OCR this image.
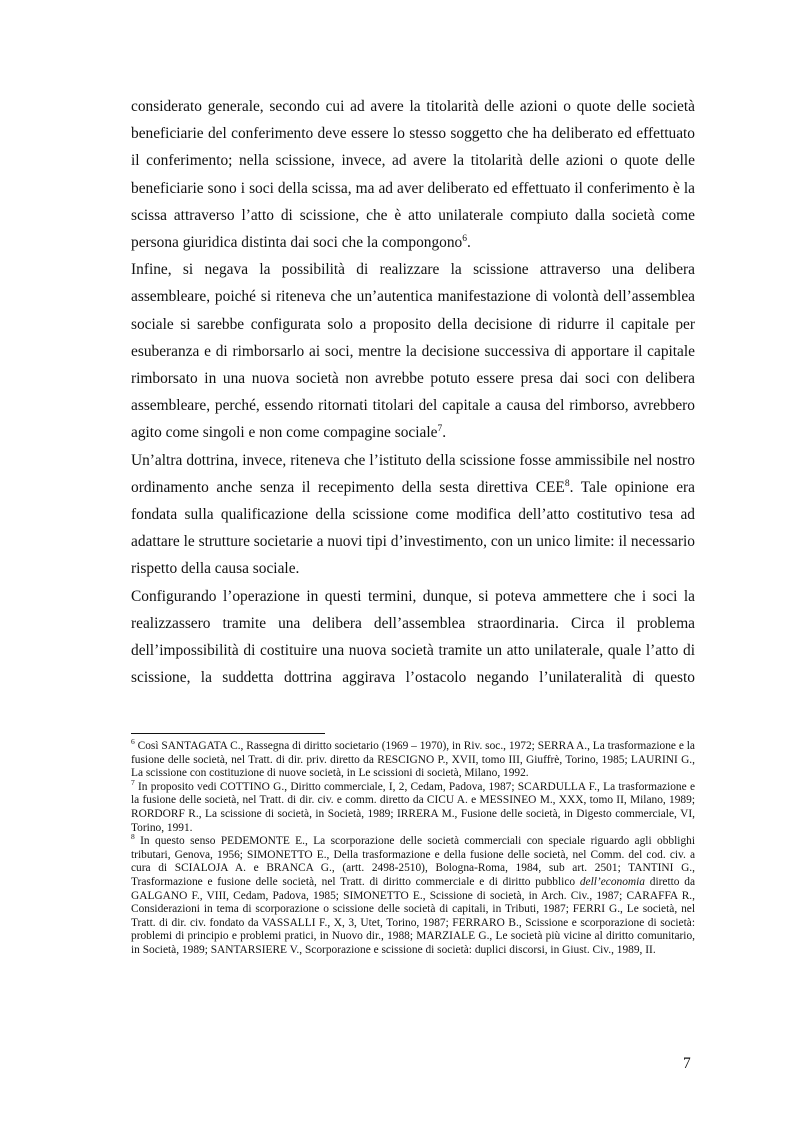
considerato generale, secondo cui ad avere la titolarità delle azioni o quote delle società beneficiarie del conferimento deve essere lo stesso soggetto che ha deliberato ed effettuato il conferimento; nella scissione, invece, ad avere la titolarità delle azioni o quote delle beneficiarie sono i soci della scissa, ma ad aver deliberato ed effettuato il conferimento è la scissa attraverso l’atto di scissione, che è atto unilaterale compiuto dalla società come persona giuridica distinta dai soci che la compongono$^6$.

Infine, si negava la possibilità di realizzare la scissione attraverso una delibera assembleare, poiché si riteneva che un’autentica manifestazione di volontà dell’assemblea sociale si sarebbe configurata solo a proposito della decisione di ridurre il capitale per esuberanza e di rimborsarlo ai soci, mentre la decisione successiva di apportare il capitale rimborsato in una nuova società non avrebbe potuto essere presa dai soci con delibera assembleare, perché, essendo ritornati titolari del capitale a causa del rimborso, avrebbero agito come singoli e non come compagine sociale$^7$.

Un’altra dottrina, invece, riteneva che l’istituto della scissione fosse ammissibile nel nostro ordinamento anche senza il recepimento della sesta direttiva CEE$^8$. Tale opinione era fondata sulla qualificazione della scissione come modifica dell’atto costitutivo tesa ad adattare le strutture societarie a nuovi tipi d’investimento, con un unico limite: il necessario rispetto della causa sociale.

Configurando l’operazione in questi termini, dunque, si poteva ammettere che i soci la realizzassero tramite una delibera dell’assemblea straordinaria. Circa il problema dell’impossibilità di costituire una nuova società tramite un atto unilaterale, quale l’atto di scissione, la suddetta dottrina aggirava l’ostacolo negando l’unilateralità di questo

$^6$ Così SANTAGATA C., Rassegna di diritto societario (1969 – 1970), in Riv. soc., 1972; SERRA A., La trasformazione e la fusione delle società, nel Tratt. di dir. priv. diretto da RESCIGNO P., XVII, tomo III, Giuffrè, Torino, 1985; LAURINI G., La scissione con costituzione di nuove società, in Le scissioni di società, Milano, 1992.

$^7$ In proposito vedi COTTINO G., Diritto commerciale, I, 2, Cedam, Padova, 1987; SCARDULLA F., La trasformazione e la fusione delle società, nel Tratt. di dir. civ. e comm. diretto da CICU A. e MESSINEO M., XXX, tomo II, Milano, 1989; RORDORF R., La scissione di società, in Società, 1989; IRRERA M., Fusione delle società, in Digesto commerciale, VI, Torino, 1991.

$^8$ In questo senso PEDEMONTE E., La scorporazione delle società commerciali con speciale riguardo agli obblighi tributari, Genova, 1956; SIMONETTO E., Della trasformazione e della fusione delle società, nel Comm. del cod. civ. a cura di SCIALOJA A. e BRANCA G., (artt. 2498-2510), Bologna-Roma, 1984, sub art. 2501; TANTINI G., Trasformazione e fusione delle società, nel Tratt. di diritto commerciale e di diritto pubblico dell’economia diretto da GALGANO F., VIII, Cedam, Padova, 1985; SIMONETTO E., Scissione di società, in Arch. Civ., 1987; CARAFFA R., Considerazioni in tema di scorporazione o scissione delle società di capitali, in Tributi, 1987; FERRI G., Le società, nel Tratt. di dir. civ. fondato da VASSALLI F., X, 3, Utet, Torino, 1987; FERRARO B., Scissione e scorporazione di società: problemi di principio e problemi pratici, in Nuovo dir., 1988; MARZIALE G., Le società più vicine al diritto comunitario, in Società, 1989; SANTARSIERE V., Scorporazione e scissione di società: duplici discorsi, in Giust. Civ., 1989, II.

7
